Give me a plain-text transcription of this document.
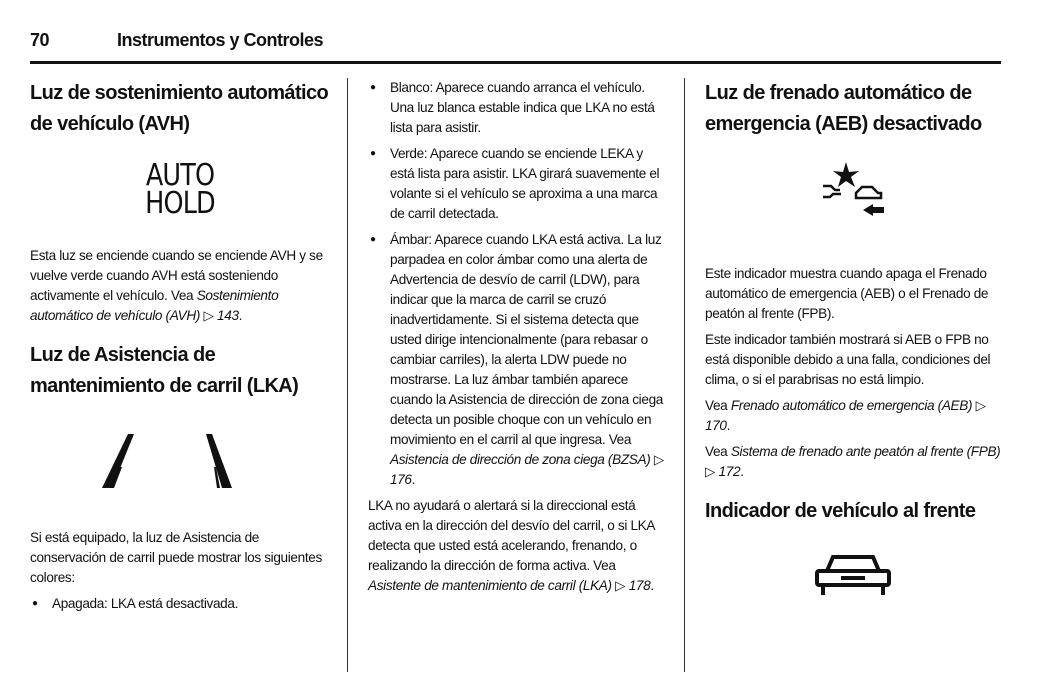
70	Instrumentos y Controles
Luz de sostenimiento automático de vehículo (AVH)
AUTO
HOLD

Esta luz se enciende cuando se enciende AVH y se vuelve verde cuando AVH está sosteniendo activamente el vehículo. Vea Sostenimiento automático de vehículo (AVH) ▷ 143.

Luz de Asistencia de mantenimiento de carril (LKA)

Si está equipado, la luz de Asistencia de conservación de carril puede mostrar los siguientes colores:

● Apagada: LKA está desactivada.
● Blanco: Aparece cuando arranca el vehículo. Una luz blanca estable indica que LKA no está lista para asistir.
● Verde: Aparece cuando se enciende LEKA y está lista para asistir. LKA girará suavemente el volante si el vehículo se aproxima a una marca de carril detectada.
● Ámbar: Aparece cuando LKA está activa. La luz parpadea en color ámbar como una alerta de Advertencia de desvío de carril (LDW), para indicar que la marca de carril se cruzó inadvertidamente. Si el sistema detecta que usted dirige intencionalmente (para rebasar o cambiar carriles), la alerta LDW puede no mostrarse. La luz ámbar también aparece cuando la Asistencia de dirección de zona ciega detecta un posible choque con un vehículo en movimiento en el carril al que ingresa. Vea Asistencia de dirección de zona ciega (BZSA) ▷ 176.

LKA no ayudará o alertará si la direccional está activa en la dirección del desvío del carril, o si LKA detecta que usted está acelerando, frenando, o realizando la dirección de forma activa. Vea Asistente de mantenimiento de carril (LKA) ▷ 178.

Luz de frenado automático de emergencia (AEB) desactivado

Este indicador muestra cuando apaga el Frenado automático de emergencia (AEB) o el Frenado de peatón al frente (FPB).

Este indicador también mostrará si AEB o FPB no está disponible debido a una falla, condiciones del clima, o si el parabrisas no está limpio.

Vea Frenado automático de emergencia (AEB) ▷ 170.

Vea Sistema de frenado ante peatón al frente (FPB) ▷ 172.

Indicador de vehículo al frente
